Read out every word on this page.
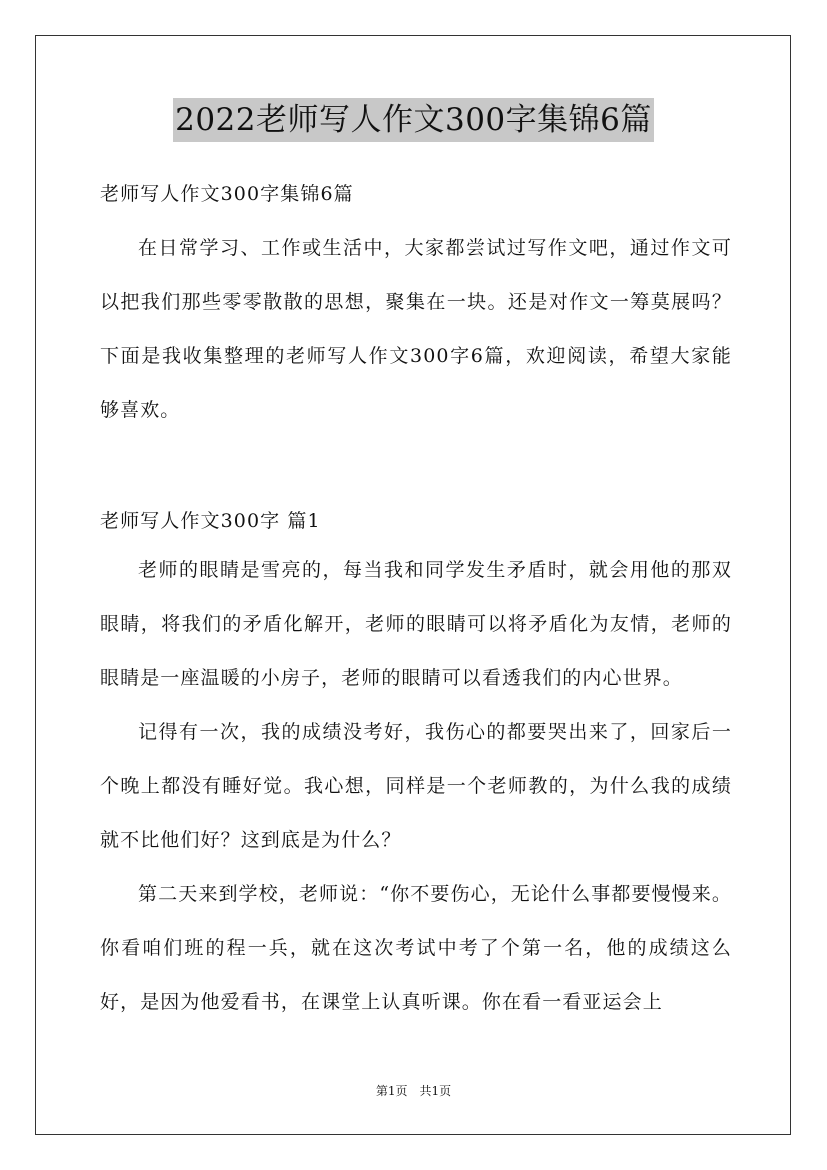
2022老师写人作文300字集锦6篇

老师写人作文300字集锦6篇

在日常学习、工作或生活中，大家都尝试过写作文吧，通过作文可以把我们那些零零散散的思想，聚集在一块。还是对作文一筹莫展吗？下面是我收集整理的老师写人作文300字6篇，欢迎阅读，希望大家能够喜欢。

老师写人作文300字 篇1

老师的眼睛是雪亮的，每当我和同学发生矛盾时，就会用他的那双眼睛，将我们的矛盾化解开，老师的眼睛可以将矛盾化为友情，老师的眼睛是一座温暖的小房子，老师的眼睛可以看透我们的内心世界。

记得有一次，我的成绩没考好，我伤心的都要哭出来了，回家后一个晚上都没有睡好觉。我心想，同样是一个老师教的，为什么我的成绩就不比他们好？这到底是为什么？

第二天来到学校，老师说：“你不要伤心，无论什么事都要慢慢来。你看咱们班的程一兵，就在这次考试中考了个第一名，他的成绩这么好，是因为他爱看书，在课堂上认真听课。你在看一看亚运会上

第1页 共1页
